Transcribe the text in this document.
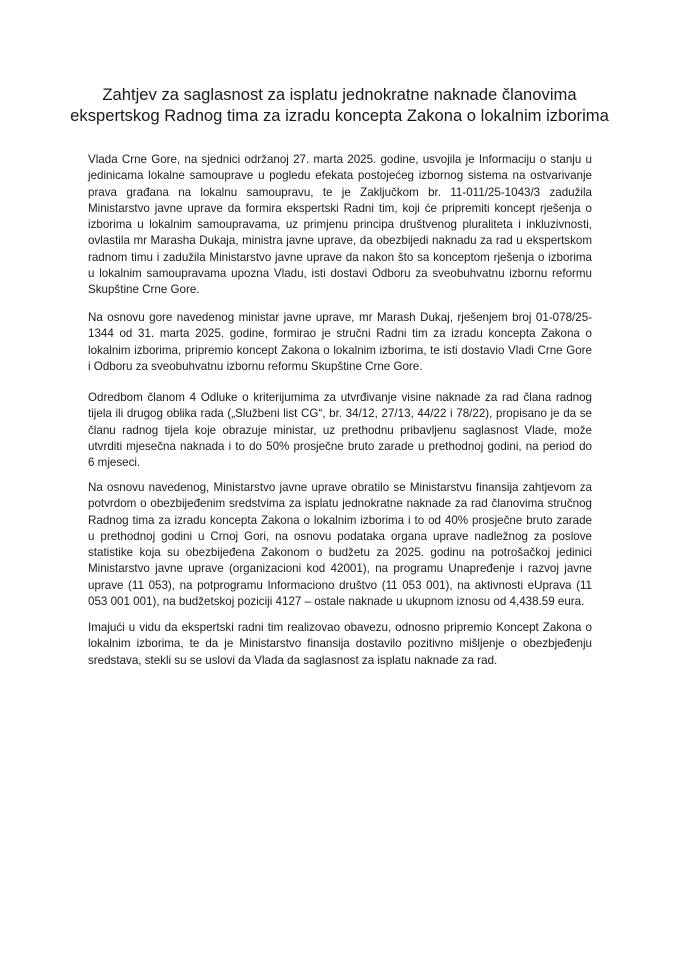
Zahtjev za saglasnost za isplatu jednokratne naknade članovima
ekspertskog Radnog tima za izradu koncepta Zakona o lokalnim izborima
Vlada Crne Gore, na sjednici održanoj 27. marta 2025. godine, usvojila je Informaciju o stanju u
jedinicama lokalne samouprave u pogledu efekata postojećeg izbornog sistema na ostvarivanje
prava građana na lokalnu samoupravu, te je Zaključkom br. 11-011/25-1043/3 zadužila
Ministarstvo javne uprave da formira ekspertski Radni tim, koji će pripremiti koncept rješenja o
izborima u lokalnim samoupravama, uz primjenu principa društvenog pluraliteta i inkluzivnosti,
ovlastila mr Marasha Dukaja, ministra javne uprave, da obezbijedi naknadu za rad u ekspertskom
radnom timu i zadužila Ministarstvo javne uprave da nakon što sa konceptom rješenja o izborima
u lokalnim samoupravama upozna Vladu, isti dostavi Odboru za sveobuhvatnu izbornu reformu
Skupštine Crne Gore.
Na osnovu gore navedenog ministar javne uprave, mr Marash Dukaj, rješenjem broj 01-078/25-
1344 od 31. marta 2025. godine, formirao je stručni Radni tim za izradu koncepta Zakona o
lokalnim izborima, pripremio koncept Zakona o lokalnim izborima, te isti dostavio Vladi Crne Gore
i Odboru za sveobuhvatnu izbornu reformu Skupštine Crne Gore.
Odredbom članom 4 Odluke o kriterijumima za utvrđivanje visine naknade za rad člana radnog
tijela ili drugog oblika rada („Službeni list CG“, br. 34/12, 27/13, 44/22 i 78/22), propisano je da se
članu radnog tijela koje obrazuje ministar, uz prethodnu pribavljenu saglasnost Vlade, može
utvrditi mjesečna naknada i to do 50% prosječne bruto zarade u prethodnoj godini, na period do
6 mjeseci.
Na osnovu navedenog, Ministarstvo javne uprave obratilo se Ministarstvu finansija zahtjevom za
potvrdom o obezbijeđenim sredstvima za isplatu jednokratne naknade za rad članovima stručnog
Radnog tima za izradu koncepta Zakona o lokalnim izborima i to od 40% prosječne bruto zarade
u prethodnoj godini u Crnoj Gori, na osnovu podataka organa uprave nadležnog za poslove
statistike koja su obezbijeđena Zakonom o budžetu za 2025. godinu na potrošačkoj jedinici
Ministarstvo javne uprave (organizacioni kod 42001), na programu Unapređenje i razvoj javne
uprave (11 053), na potprogramu Informaciono društvo (11 053 001), na aktivnosti eUprava (11
053 001 001), na budžetskoj poziciji 4127 – ostale naknade u ukupnom iznosu od 4,438.59 eura.
Imajući u vidu da ekspertski radni tim realizovao obavezu, odnosno pripremio Koncept Zakona o
lokalnim izborima, te da je Ministarstvo finansija dostavilo pozitivno mišljenje o obezbjeđenju
sredstava, stekli su se uslovi da Vlada da saglasnost za isplatu naknade za rad.
